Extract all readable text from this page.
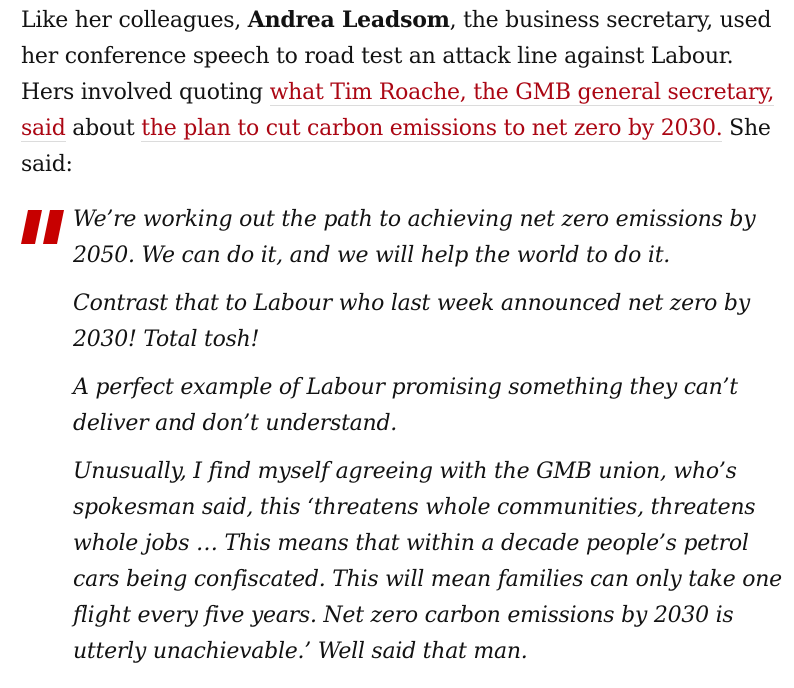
Like her colleagues, Andrea Leadsom, the business secretary, used her conference speech to road test an attack line against Labour. Hers involved quoting what Tim Roache, the GMB general secretary, said about the plan to cut carbon emissions to net zero by 2030. She said:

We’re working out the path to achieving net zero emissions by 2050. We can do it, and we will help the world to do it.

Contrast that to Labour who last week announced net zero by 2030! Total tosh!

A perfect example of Labour promising something they can’t deliver and don’t understand.

Unusually, I find myself agreeing with the GMB union, who’s spokesman said, this ‘threatens whole communities, threatens whole jobs … This means that within a decade people’s petrol cars being confiscated. This will mean families can only take one flight every five years. Net zero carbon emissions by 2030 is utterly unachievable.’ Well said that man.
